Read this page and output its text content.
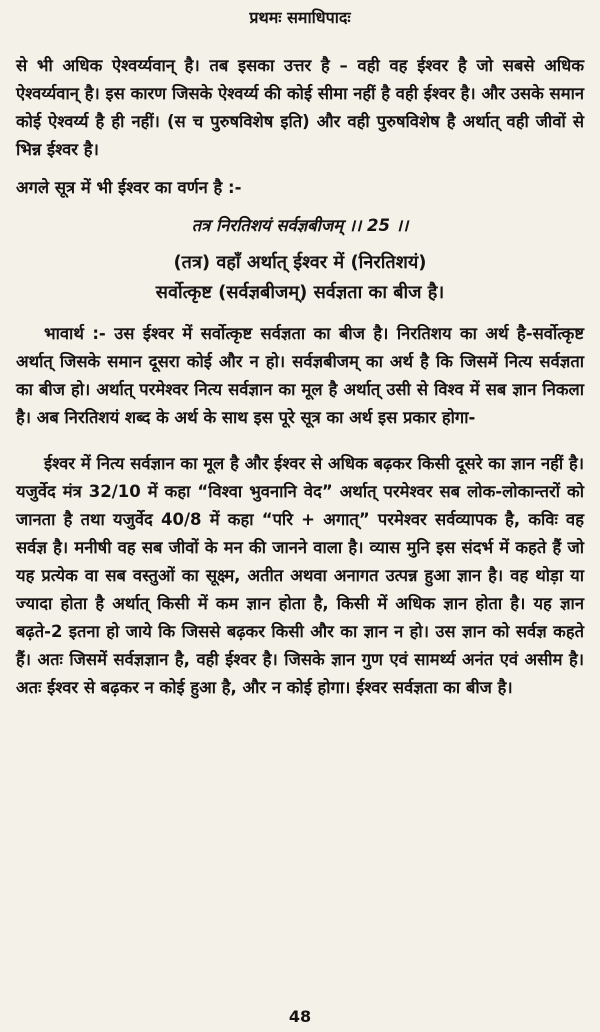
प्रथमः समाधिपादः

से भी अधिक ऐश्वर्य्यवान् है। तब इसका उत्तर है – वही वह ईश्वर है जो सबसे अधिक ऐश्वर्य्यवान् है। इस कारण जिसके ऐश्वर्य्य की कोई सीमा नहीं है वही ईश्वर है। और उसके समान कोई ऐश्वर्य्य है ही नहीं। (स च पुरुषविशेष इति) और वही पुरुषविशेष है अर्थात् वही जीवों से भिन्न ईश्वर है।

अगले सूत्र में भी ईश्वर का वर्णन है :-

तत्र निरतिशयं सर्वज्ञबीजम् ।। 25 ।।
(तत्र) वहाँ अर्थात् ईश्वर में (निरतिशयं)
सर्वोत्कृष्ट (सर्वज्ञबीजम्) सर्वज्ञता का बीज है।

भावार्थ :- उस ईश्वर में सर्वोत्कृष्ट सर्वज्ञता का बीज है। निरतिशय का अर्थ है-सर्वोत्कृष्ट अर्थात् जिसके समान दूसरा कोई और न हो। सर्वज्ञबीजम् का अर्थ है कि जिसमें नित्य सर्वज्ञता का बीज हो। अर्थात् परमेश्वर नित्य सर्वज्ञान का मूल है अर्थात् उसी से विश्व में सब ज्ञान निकला है। अब निरतिशयं शब्द के अर्थ के साथ इस पूरे सूत्र का अर्थ इस प्रकार होगा-

ईश्वर में नित्य सर्वज्ञान का मूल है और ईश्वर से अधिक बढ़कर किसी दूसरे का ज्ञान नहीं है। यजुर्वेद मंत्र 32/10 में कहा “विश्वा भुवनानि वेद” अर्थात् परमेश्वर सब लोक-लोकान्तरों को जानता है तथा यजुर्वेद 40/8 में कहा “परि + अगात्” परमेश्वर सर्वव्यापक है, कविः वह सर्वज्ञ है। मनीषी वह सब जीवों के मन की जानने वाला है। व्यास मुनि इस संदर्भ में कहते हैं जो यह प्रत्येक वा सब वस्तुओं का सूक्ष्म, अतीत अथवा अनागत उत्पन्न हुआ ज्ञान है। वह थोड़ा या ज्यादा होता है अर्थात् किसी में कम ज्ञान होता है, किसी में अधिक ज्ञान होता है। यह ज्ञान बढ़ते-2 इतना हो जाये कि जिससे बढ़कर किसी और का ज्ञान न हो। उस ज्ञान को सर्वज्ञ कहते हैं। अतः जिसमें सर्वज्ञज्ञान है, वही ईश्वर है। जिसके ज्ञान गुण एवं सामर्थ्य अनंत एवं असीम है। अतः ईश्वर से बढ़कर न कोई हुआ है, और न कोई होगा। ईश्वर सर्वज्ञता का बीज है।

48
